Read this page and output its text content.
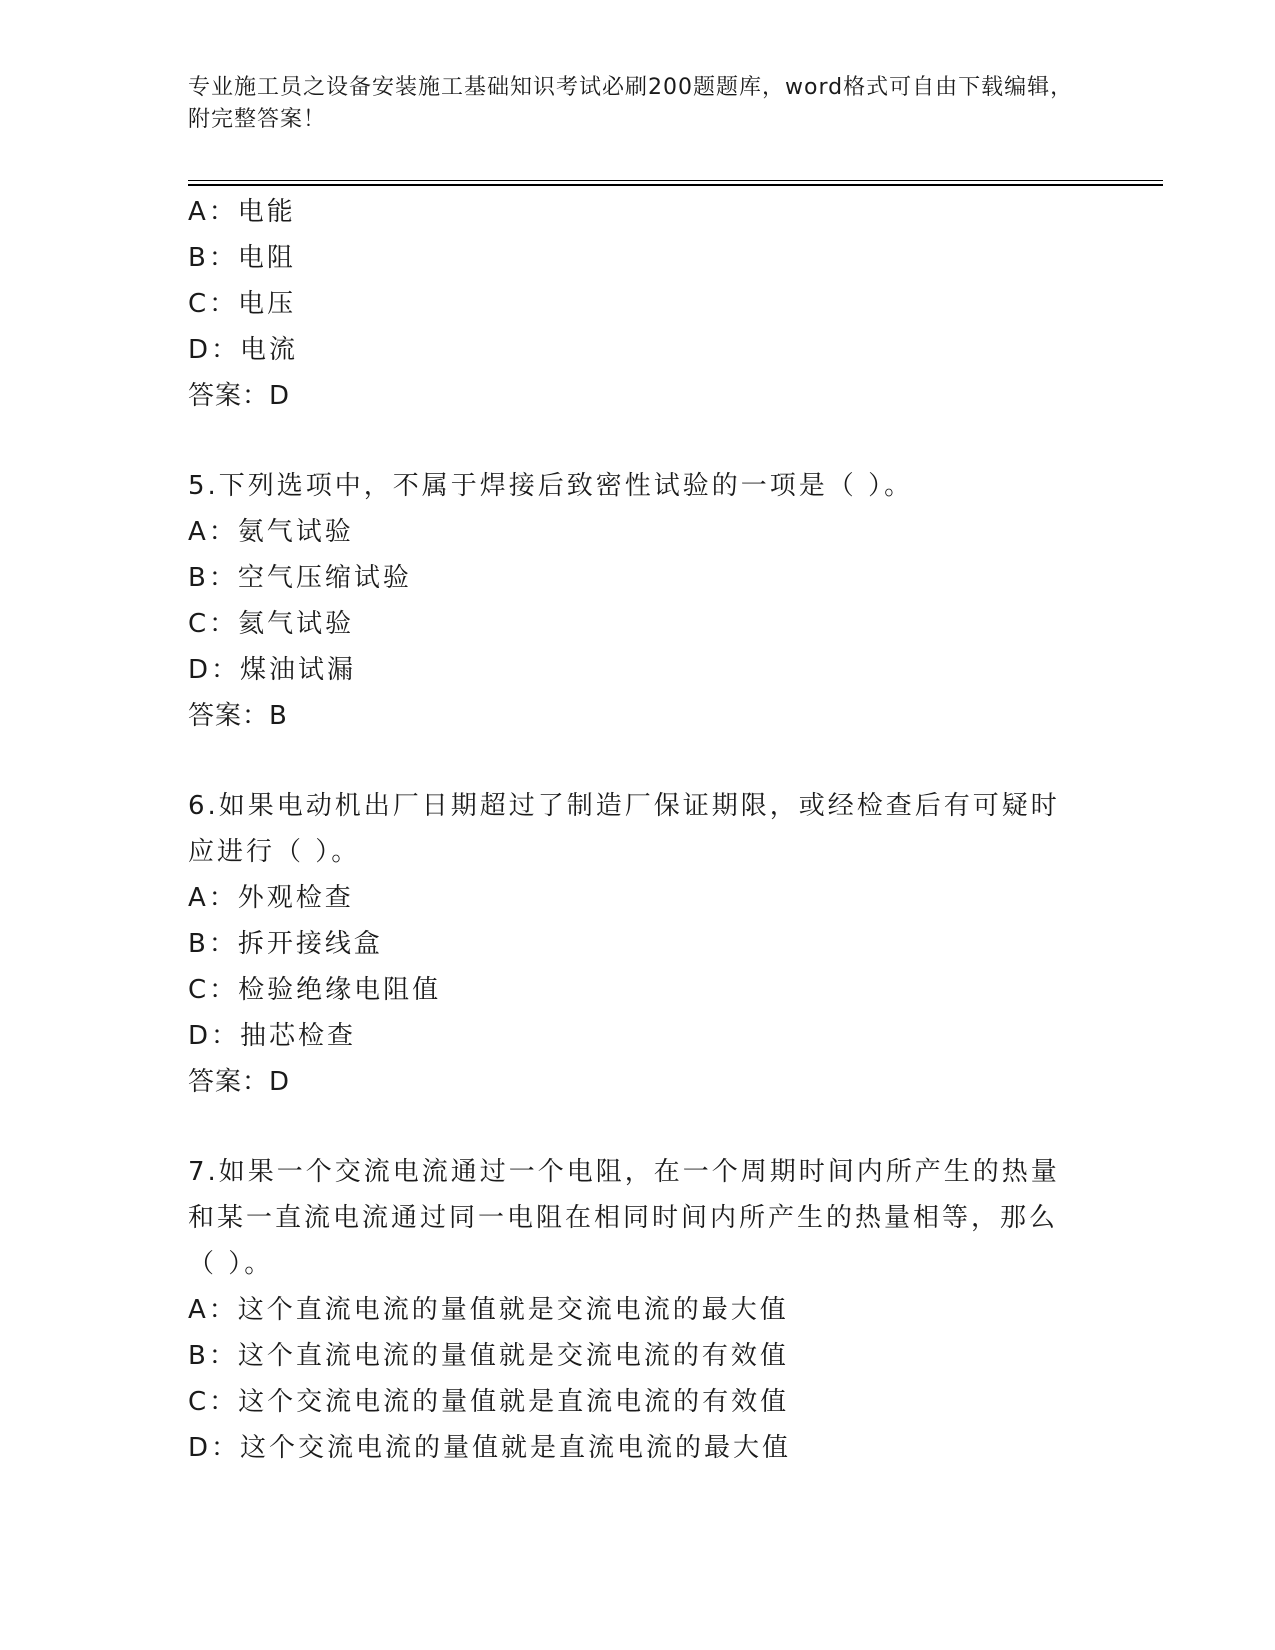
专业施工员之设备安装施工基础知识考试必刷200题题库，word格式可自由下载编辑，附完整答案！
A：电能
B：电阻
C：电压
D：电流
答案：D
5.下列选项中，不属于焊接后致密性试验的一项是（ ）。
A：氨气试验
B：空气压缩试验
C：氦气试验
D：煤油试漏
答案：B
6.如果电动机出厂日期超过了制造厂保证期限，或经检查后有可疑时应进行（ ）。
A：外观检查
B：拆开接线盒
C：检验绝缘电阻值
D：抽芯检查
答案：D
7.如果一个交流电流通过一个电阻，在一个周期时间内所产生的热量和某一直流电流通过同一电阻在相同时间内所产生的热量相等，那么（ ）。
A：这个直流电流的量值就是交流电流的最大值
B：这个直流电流的量值就是交流电流的有效值
C：这个交流电流的量值就是直流电流的有效值
D：这个交流电流的量值就是直流电流的最大值
